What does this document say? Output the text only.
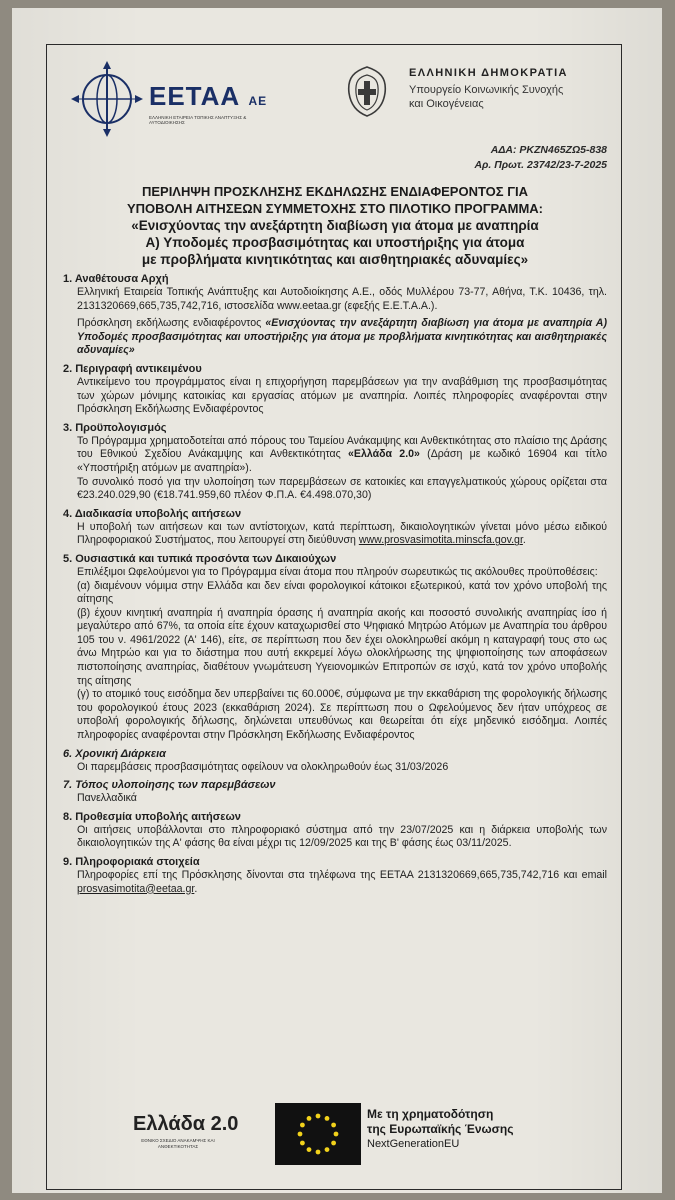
ΕΕΤΑΑ ΑΕ
ΕΛΛΗΝΙΚΗ ΕΤΑΙΡΕΙΑ ΤΟΠΙΚΗΣ ΑΝΑΠΤΥΞΗΣ & ΑΥΤΟΔΙΟΙΚΗΣΗΣ
ΕΛΛΗΝΙΚΗ ΔΗΜΟΚΡΑΤΙΑ
Υπουργείο Κοινωνικής Συνοχής
και Οικογένειας
ΑΔΑ: ΡΚΖΝ465ΖΩ5-838
Αρ. Πρωτ. 23742/23-7-2025
ΠΕΡΙΛΗΨΗ ΠΡΟΣΚΛΗΣΗΣ ΕΚΔΗΛΩΣΗΣ ΕΝΔΙΑΦΕΡΟΝΤΟΣ ΓΙΑ
ΥΠΟΒΟΛΗ ΑΙΤΗΣΕΩΝ ΣΥΜΜΕΤΟΧΗΣ ΣΤΟ ΠΙΛΟΤΙΚΟ ΠΡΟΓΡΑΜΜΑ:
«Ενισχύοντας την ανεξάρτητη διαβίωση για άτομα με αναπηρία
Α) Υποδομές προσβασιμότητας και υποστήριξης για άτομα
με προβλήματα κινητικότητας και αισθητηριακές αδυναμίες»
1. Αναθέτουσα Αρχή

Ελληνική Εταιρεία Τοπικής Ανάπτυξης και Αυτοδιοίκησης Α.Ε., οδός Μυλλέρου 73-77, Αθήνα, Τ.Κ. 10436, τηλ. 2131320669,665,735,742,716, ιστοσελίδα www.eetaa.gr (εφεξής Ε.Ε.Τ.Α.Α.).

Πρόσκληση εκδήλωσης ενδιαφέροντος «Ενισχύοντας την ανεξάρτητη διαβίωση για άτομα με αναπηρία Α) Υποδομές προσβασιμότητας και υποστήριξης για άτομα με προβλήματα κινητικότητας και αισθητηριακές αδυναμίες»

2. Περιγραφή αντικειμένου

Αντικείμενο του προγράμματος είναι η επιχορήγηση παρεμβάσεων για την αναβάθμιση της προσβασιμότητας των χώρων μόνιμης κατοικίας και εργασίας ατόμων με αναπηρία. Λοιπές πληροφορίες αναφέρονται στην Πρόσκληση Εκδήλωσης Ενδιαφέροντος

3. Προϋπολογισμός

Το Πρόγραμμα χρηματοδοτείται από πόρους του Ταμείου Ανάκαμψης και Ανθεκτικότητας στο πλαίσιο της Δράσης του Εθνικού Σχεδίου Ανάκαμψης και Ανθεκτικότητας «Ελλάδα 2.0» (Δράση με κωδικό 16904 και τίτλο «Υποστήριξη ατόμων με αναπηρία»).

Το συνολικό ποσό για την υλοποίηση των παρεμβάσεων σε κατοικίες και επαγγελματικούς χώρους ορίζεται στα €23.240.029,90 (€18.741.959,60 πλέον Φ.Π.Α. €4.498.070,30)

4. Διαδικασία υποβολής αιτήσεων

Η υποβολή των αιτήσεων και των αντίστοιχων, κατά περίπτωση, δικαιολογητικών γίνεται μόνο μέσω ειδικού Πληροφοριακού Συστήματος, που λειτουργεί στη διεύθυνση www.prosvasimotita.minscfa.gov.gr.

5. Ουσιαστικά και τυπικά προσόντα των Δικαιούχων

Επιλέξιμοι Ωφελούμενοι για το Πρόγραμμα είναι άτομα που πληρούν σωρευτικώς τις ακόλουθες προϋποθέσεις:

(α) διαμένουν νόμιμα στην Ελλάδα και δεν είναι φορολογικοί κάτοικοι εξωτερικού, κατά τον χρόνο υποβολή της αίτησης

(β) έχουν κινητική αναπηρία ή αναπηρία όρασης ή αναπηρία ακοής και ποσοστό συνολικής αναπηρίας ίσο ή μεγαλύτερο από 67%, τα οποία είτε έχουν καταχωρισθεί στο Ψηφιακό Μητρώο Ατόμων με Αναπηρία του άρθρου 105 του ν. 4961/2022 (Α' 146), είτε, σε περίπτωση που δεν έχει ολοκληρωθεί ακόμη η καταγραφή τους στο ως άνω Μητρώο και για το διάστημα που αυτή εκκρεμεί λόγω ολοκλήρωσης της ψηφιοποίησης των αποφάσεων πιστοποίησης αναπηρίας, διαθέτουν γνωμάτευση Υγειονομικών Επιτροπών σε ισχύ, κατά τον χρόνο υποβολής της αίτησης

(γ) το ατομικό τους εισόδημα δεν υπερβαίνει τις 60.000€, σύμφωνα με την εκκαθάριση της φορολογικής δήλωσης του φορολογικού έτους 2023 (εκκαθάριση 2024). Σε περίπτωση που ο Ωφελούμενος δεν ήταν υπόχρεος σε υποβολή φορολογικής δήλωσης, δηλώνεται υπευθύνως και θεωρείται ότι είχε μηδενικό εισόδημα. Λοιπές πληροφορίες αναφέρονται στην Πρόσκληση Εκδήλωσης Ενδιαφέροντος

6. Χρονική Διάρκεια

Οι παρεμβάσεις προσβασιμότητας οφείλουν να ολοκληρωθούν έως 31/03/2026

7. Τόπος υλοποίησης των παρεμβάσεων

Πανελλαδικά

8. Προθεσμία υποβολής αιτήσεων

Οι αιτήσεις υποβάλλονται στο πληροφοριακό σύστημα από την 23/07/2025 και η διάρκεια υποβολής των δικαιολογητικών της Α' φάσης θα είναι μέχρι τις 12/09/2025 και της Β' φάσης έως 03/11/2025.

9. Πληροφοριακά στοιχεία

Πληροφορίες επί της Πρόσκλησης δίνονται στα τηλέφωνα της ΕΕΤΑΑ 2131320669,665,735,742,716 και email prosvasimotita@eetaa.gr.

Ελλάδα 2.0
ΕΘΝΙΚΟ ΣΧΕΔΙΟ ΑΝΑΚΑΜΨΗΣ ΚΑΙ ΑΝΘΕΚΤΙΚΟΤΗΤΑΣ
Με τη χρηματοδότηση
της Ευρωπαϊκής Ένωσης
NextGenerationEU
